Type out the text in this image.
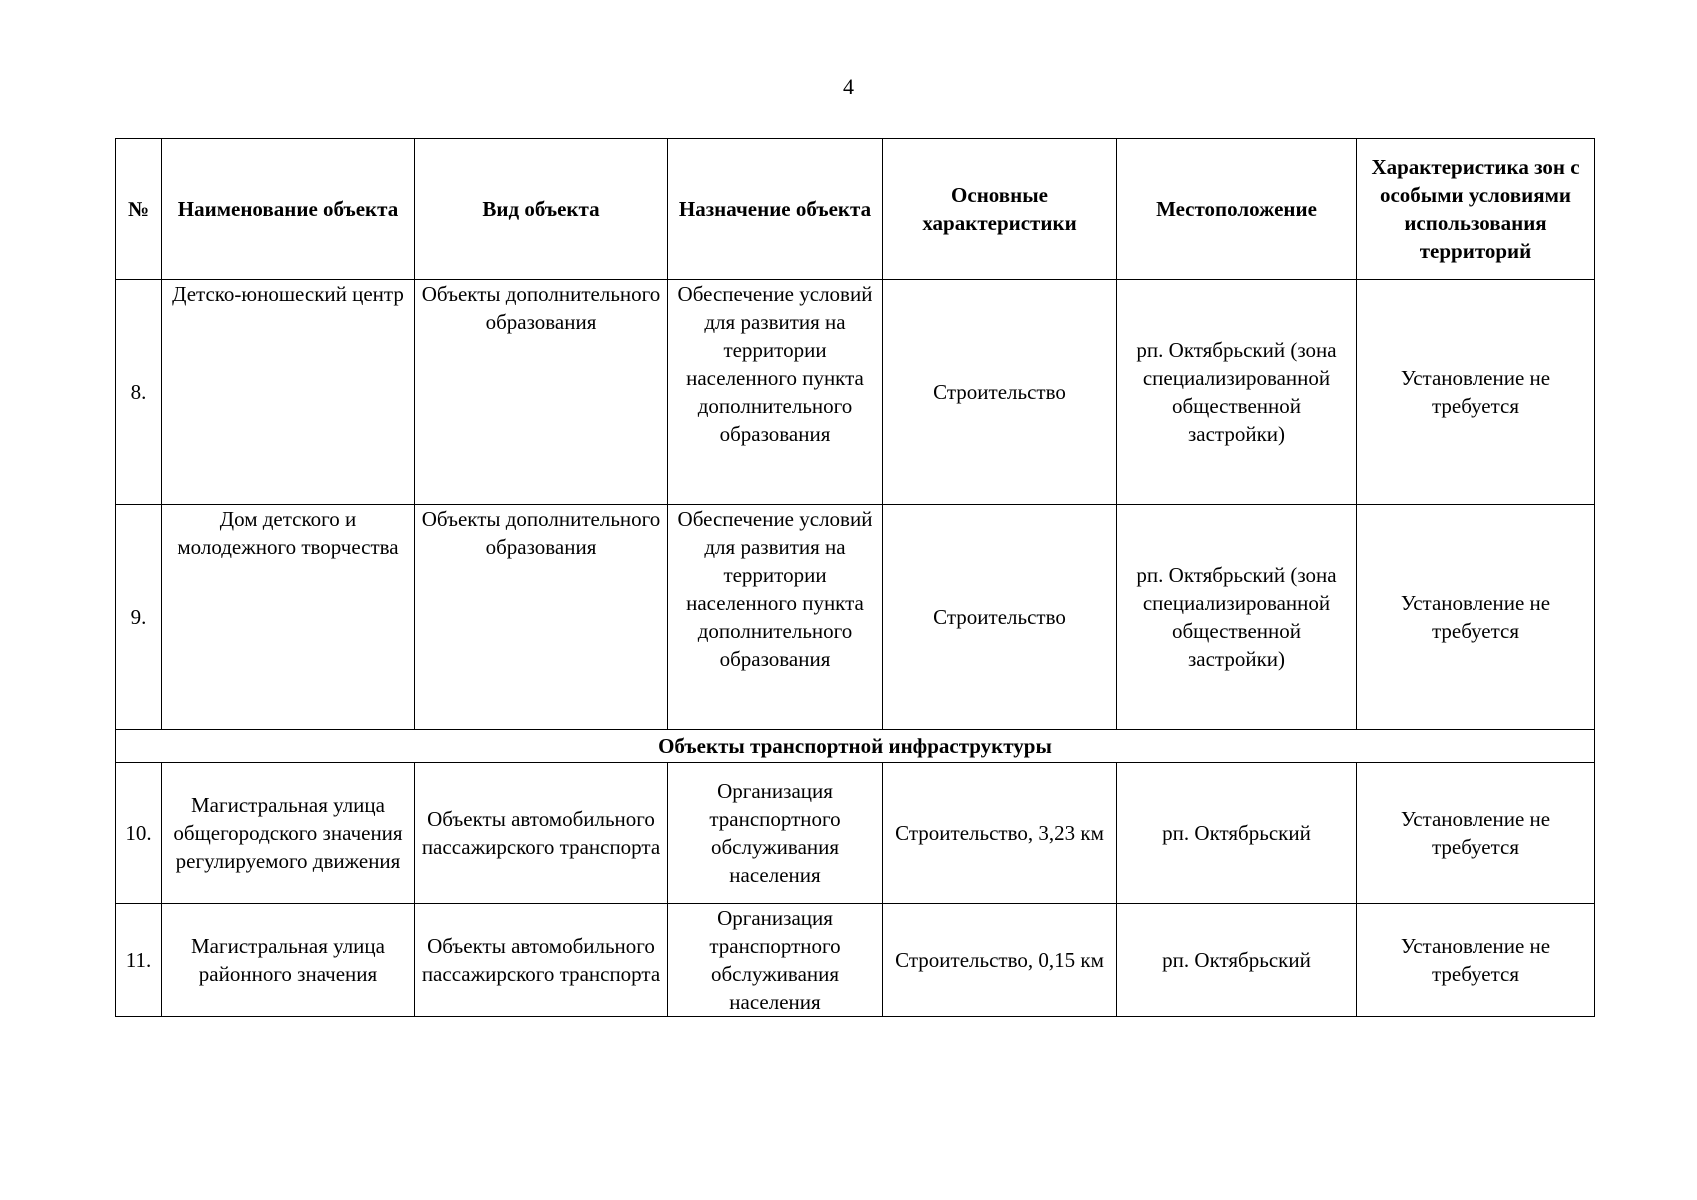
4
№	Наименование объекта	Вид объекта	Назначение объекта	Основные характеристики	Местоположение	Характеристика зон с особыми условиями использования территорий
8.	Детско-юношеский центр	Объекты дополнительного образования	Обеспечение условий для развития на территории населенного пункта дополнительного образования	Строительство	рп. Октябрьский (зона специализированной общественной застройки)	Установление не требуется
9.	Дом детского и молодежного творчества	Объекты дополнительного образования	Обеспечение условий для развития на территории населенного пункта дополнительного образования	Строительство	рп. Октябрьский (зона специализированной общественной застройки)	Установление не требуется
Объекты транспортной инфраструктуры						
10.	Магистральная улица общегородского значения регулируемого движения	Объекты автомобильного пассажирского транспорта	Организация транспортного обслуживания населения	Строительство, 3,23 км	рп. Октябрьский	Установление не требуется
11.	Магистральная улица районного значения	Объекты автомобильного пассажирского транспорта	Организация транспортного обслуживания населения	Строительство, 0,15 км	рп. Октябрьский	Установление не требуется
